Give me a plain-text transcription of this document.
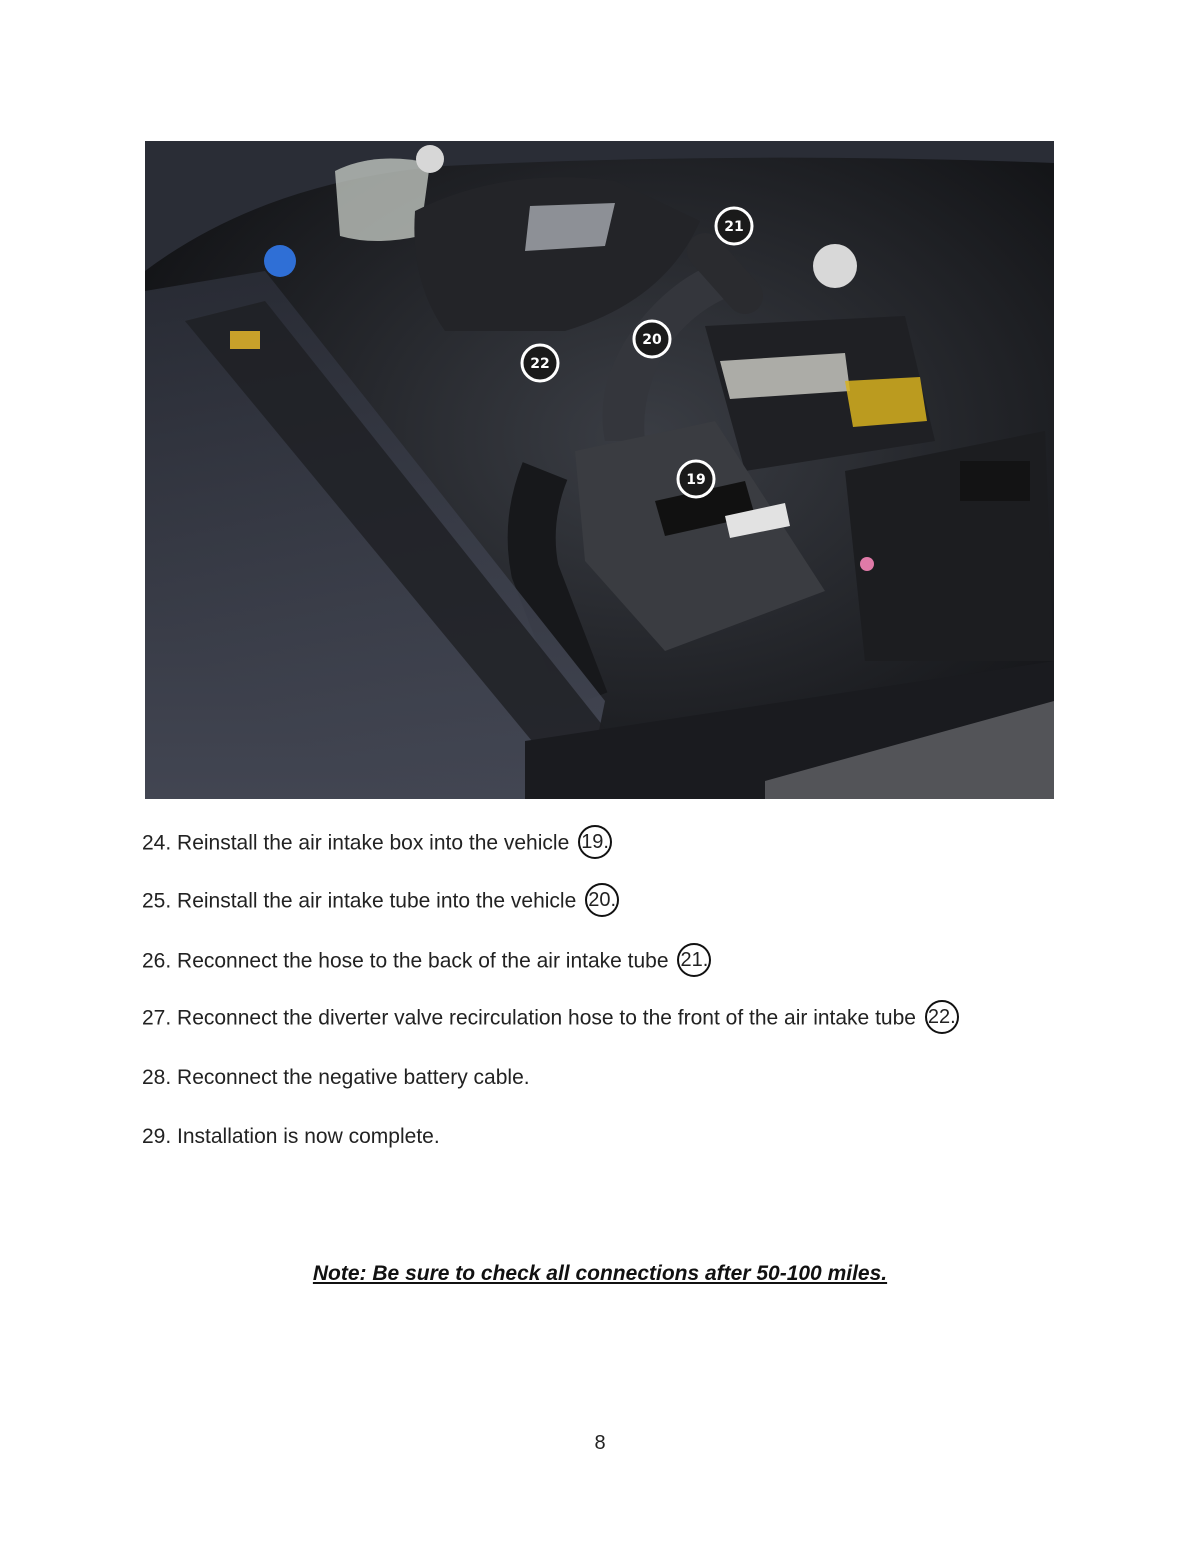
21
20
22
19
24. Reinstall the air intake box into the vehicle 19.
25. Reinstall the air intake tube into the vehicle 20.
26. Reconnect the hose to the back of the air intake tube 21.
27. Reconnect the diverter valve recirculation hose to the front of the air intake tube 22.
28. Reconnect the negative battery cable.
29. Installation is now complete.
Note: Be sure to check all connections after 50-100 miles.
8
